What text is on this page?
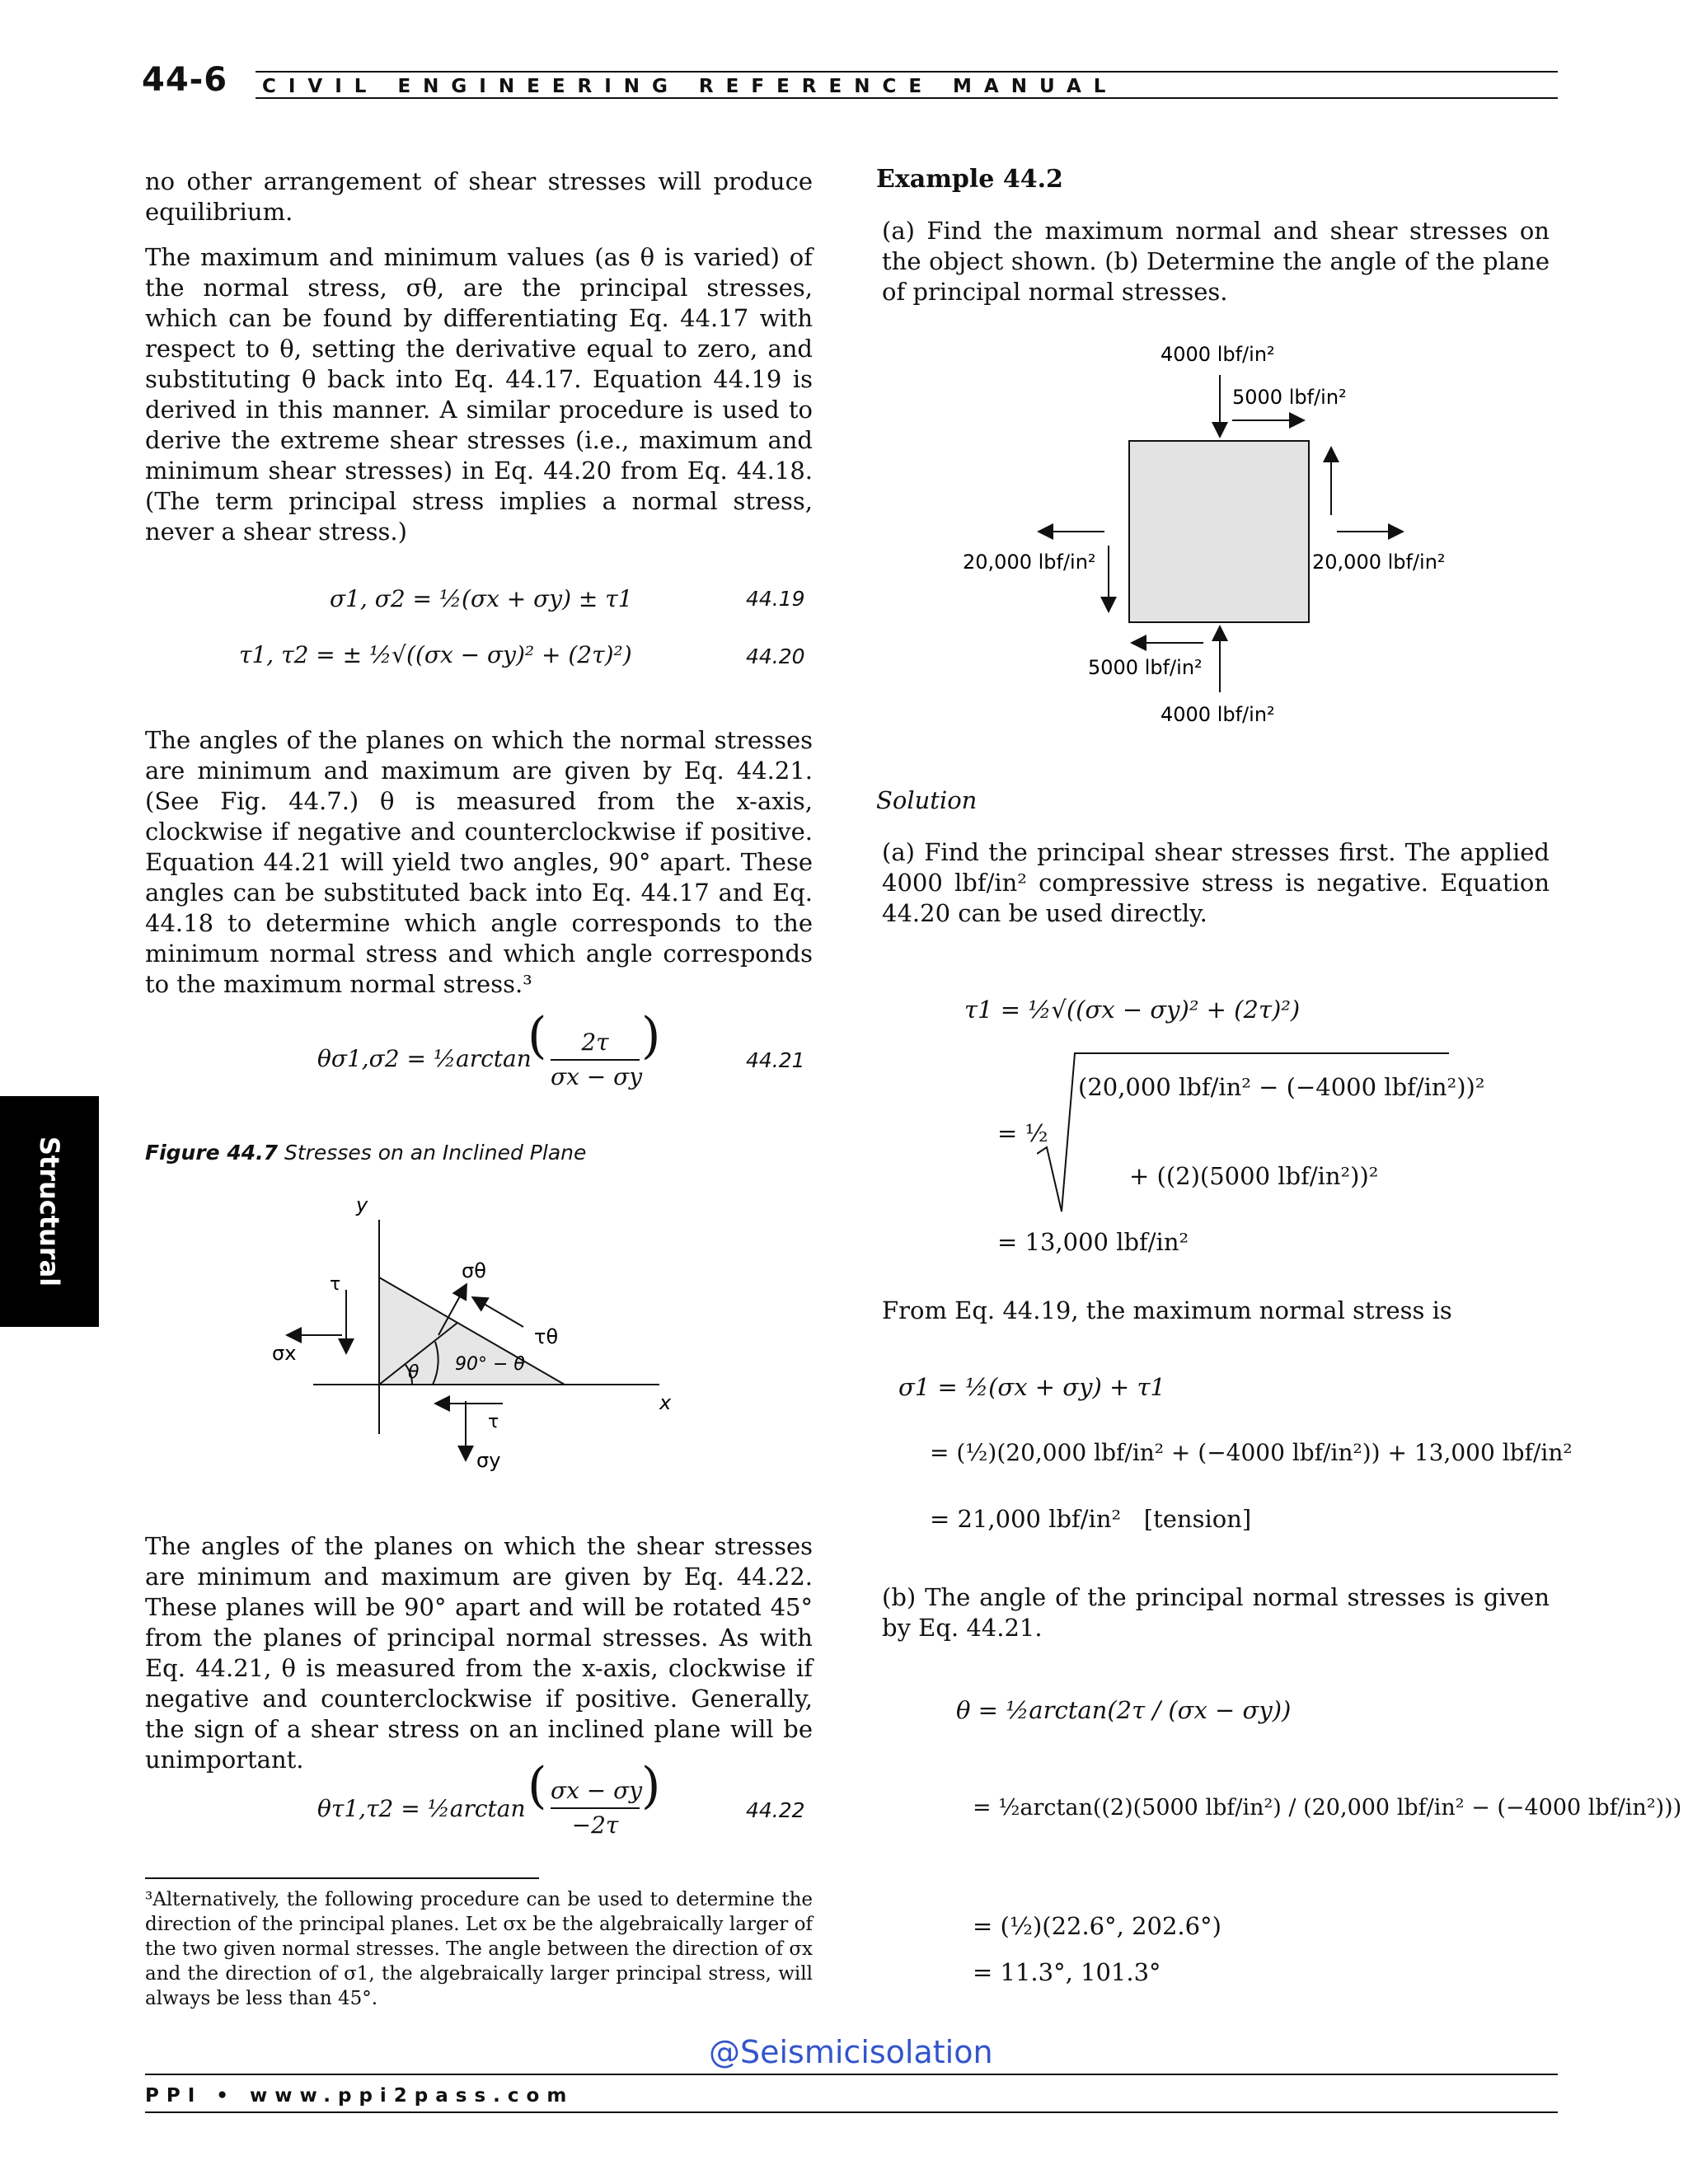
44-6 CIVIL ENGINEERING REFERENCE MANUAL
Structural

no other arrangement of shear stresses will produce equilibrium.

The maximum and minimum values (as θ is varied) of the normal stress, σθ, are the principal stresses, which can be found by differentiating Eq. 44.17 with respect to θ, setting the derivative equal to zero, and substituting θ back into Eq. 44.17. Equation 44.19 is derived in this manner. A similar procedure is used to derive the extreme shear stresses (i.e., maximum and minimum shear stresses) in Eq. 44.20 from Eq. 44.18. (The term principal stress implies a normal stress, never a shear stress.)

σ1, σ2 = ½(σx + σy) ± τ1	44.19
τ1, τ2 = ± ½√((σx − σy)² + (2τ)²)	44.20

The angles of the planes on which the normal stresses are minimum and maximum are given by Eq. 44.21. (See Fig. 44.7.) θ is measured from the x-axis, clockwise if negative and counterclockwise if positive. Equation 44.21 will yield two angles, 90° apart. These angles can be substituted back into Eq. 44.17 and Eq. 44.18 to determine which angle corresponds to the minimum normal stress and which angle corresponds to the maximum normal stress.³

θσ1,σ2 = ½arctan
(	2τ
σx − σy
)	44.21
Figure 44.7 Stresses on an Inclined Plane
y
x
σθ
τ
σx
τθ
θ 90° − θ
τ
σy

The angles of the planes on which the shear stresses are minimum and maximum are given by Eq. 44.22. These planes will be 90° apart and will be rotated 45° from the planes of principal normal stresses. As with Eq. 44.21, θ is measured from the x-axis, clockwise if negative and counterclockwise if positive. Generally, the sign of a shear stress on an inclined plane will be unimportant.

θτ1,τ2 = ½arctan ( σx − σy
−2τ
)	44.22
³Alternatively, the following procedure can be used to determine the direction of the principal planes. Let σx be the algebraically larger of the two given normal stresses. The angle between the direction of σx and the direction of σ1, the algebraically larger principal stress, will always be less than 45°.
Example 44.2

(a) Find the maximum normal and shear stresses on the object shown. (b) Determine the angle of the plane of principal normal stresses.

4000 lbf/in²
5000 lbf/in²
20,000 lbf/in²	20,000 lbf/in²
5000 lbf/in²
4000 lbf/in²
Solution

(a) Find the principal shear stresses first. The applied 4000 lbf/in² compressive stress is negative. Equation 44.20 can be used directly.

τ1 = ½√((σx − σy)² + (2τ)²)
= ½
(20,000 lbf/in² − (−4000 lbf/in²))²
+ ((2)(5000 lbf/in²))²
= 13,000 lbf/in²

From Eq. 44.19, the maximum normal stress is

σ1 = ½(σx + σy) + τ1
= (½)(20,000 lbf/in² + (−4000 lbf/in²)) + 13,000 lbf/in²
= 21,000 lbf/in² [tension]

(b) The angle of the principal normal stresses is given by Eq. 44.21.

θ = ½arctan(2τ / (σx − σy))
= ½arctan((2)(5000 lbf/in²) / (20,000 lbf/in² − (−4000 lbf/in²)))
= (½)(22.6°, 202.6°)
= 11.3°, 101.3°
@Seismicisolation
PPI • www.ppi2pass.com
